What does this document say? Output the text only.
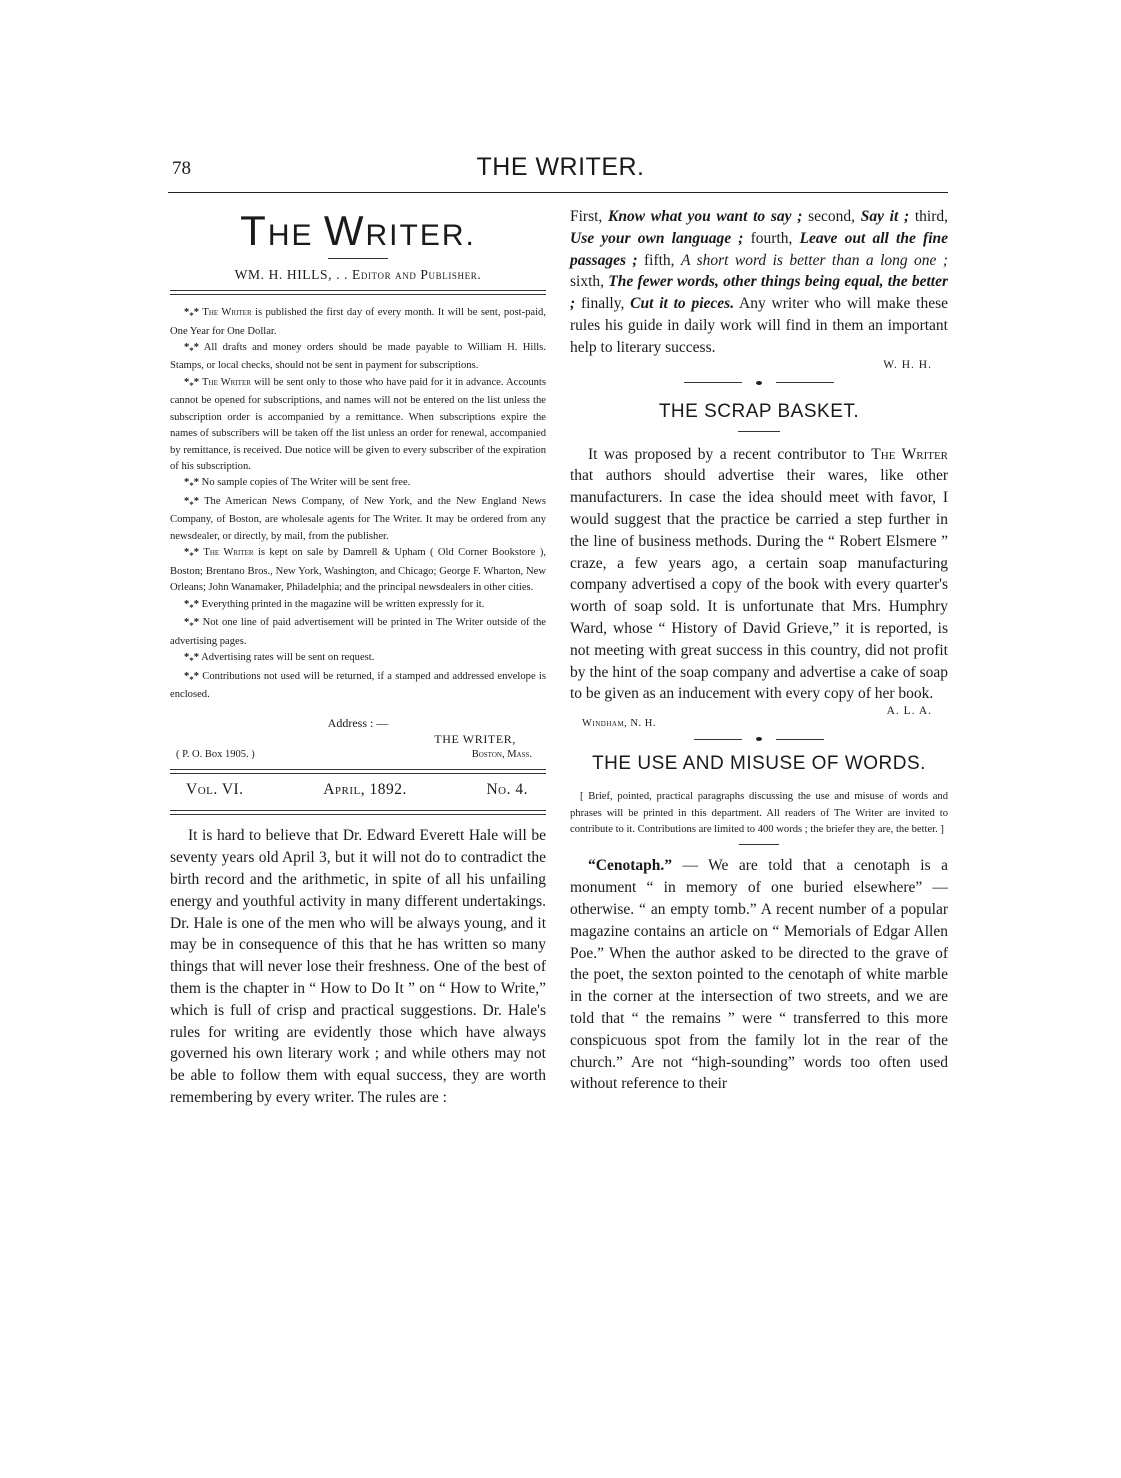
78	THE WRITER.
THE WRITER.
WM. H. HILLS, . . Editor and Publisher.

$*_**$ The Writer is published the first day of every month. It will be sent, post-paid, One Year for One Dollar.

$*_**$ All drafts and money orders should be made payable to William H. Hills. Stamps, or local checks, should not be sent in payment for subscriptions.

$*_**$ The Writer will be sent only to those who have paid for it in advance. Accounts cannot be opened for subscriptions, and names will not be entered on the list unless the subscription order is accompanied by a remittance. When subscriptions expire the names of subscribers will be taken off the list unless an order for renewal, accompanied by remittance, is received. Due notice will be given to every subscriber of the expiration of his subscription.

$*_**$ No sample copies of The Writer will be sent free.

$*_**$ The American News Company, of New York, and the New England News Company, of Boston, are wholesale agents for The Writer. It may be ordered from any newsdealer, or directly, by mail, from the publisher.

$*_**$ The Writer is kept on sale by Damrell & Upham ( Old Corner Bookstore ), Boston; Brentano Bros., New York, Washington, and Chicago; George F. Wharton, New Orleans; John Wanamaker, Philadelphia; and the principal newsdealers in other cities.

$*_**$ Everything printed in the magazine will be written expressly for it.

$*_**$ Not one line of paid advertisement will be printed in The Writer outside of the advertising pages.

$*_**$ Advertising rates will be sent on request.

$*_**$ Contributions not used will be returned, if a stamped and addressed envelope is enclosed.

Address : —
THE WRITER,
( P. O. Box 1905. )	Boston, Mass.
Vol. VI.	April, 1892.	No. 4.

It is hard to believe that Dr. Edward Everett Hale will be seventy years old April 3, but it will not do to contradict the birth record and the arithmetic, in spite of all his unfailing energy and youthful activity in many different undertakings. Dr. Hale is one of the men who will be always young, and it may be in consequence of this that he has written so many things that will never lose their freshness. One of the best of them is the chapter in “ How to Do It ” on “ How to Write,” which is full of crisp and practical suggestions. Dr. Hale's rules for writing are evidently those which have always governed his own literary work ; and while others may not be able to follow them with equal success, they are worth remembering by every writer. The rules are :

First, Know what you want to say ; second, Say it ; third, Use your own language ; fourth, Leave out all the fine passages ; fifth, A short word is better than a long one ; sixth, The fewer words, other things being equal, the better ; finally, Cut it to pieces. Any writer who will make these rules his guide in daily work will find in them an important help to literary success.

W. H. H.
THE SCRAP BASKET.

It was proposed by a recent contributor to The Writer that authors should advertise their wares, like other manufacturers. In case the idea should meet with favor, I would suggest that the practice be carried a step further in the line of business methods. During the “ Robert Elsmere ” craze, a few years ago, a certain soap manufacturing company advertised a copy of the book with every quarter's worth of soap sold. It is unfortunate that Mrs. Humphry Ward, whose “ History of David Grieve,” it is reported, is not meeting with great success in this country, did not profit by the hint of the soap company and advertise a cake of soap to be given as an inducement with every copy of her book.

A. L. A.
Windham, N. H.
THE USE AND MISUSE OF WORDS.

[ Brief, pointed, practical paragraphs discussing the use and misuse of words and phrases will be printed in this department. All readers of The Writer are invited to contribute to it. Contributions are limited to 400 words ; the briefer they are, the better. ]

“Cenotaph.” — We are told that a cenotaph is a monument “ in memory of one buried elsewhere” — otherwise. “ an empty tomb.” A recent number of a popular magazine contains an article on “ Memorials of Edgar Allen Poe.” When the author asked to be directed to the grave of the poet, the sexton pointed to the cenotaph of white marble in the corner at the intersection of two streets, and we are told that “ the remains ” were “ transferred to this more conspicuous spot from the family lot in the rear of the church.” Are not “high-sounding” words too often used without reference to their
